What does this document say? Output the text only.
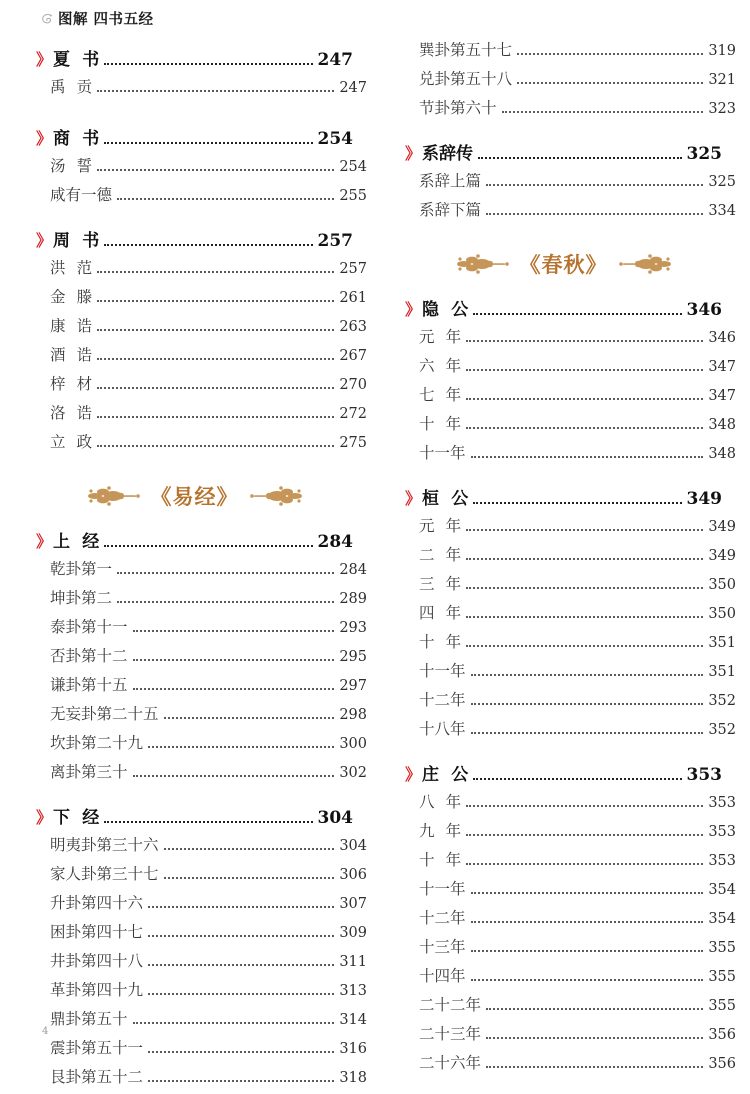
图解 四书五经
》 夏 书	247
禹 贡	247
》 商 书	254
汤 誓	254
咸有一德	255
》 周 书	257
洪 范	257
金 滕	261
康 诰	263
酒 诰	267
梓 材	270
洛 诰	272
立 政	275
《易经》
》 上 经	284
乾卦第一	284
坤卦第二	289
泰卦第十一	293
否卦第十二	295
谦卦第十五	297
无妄卦第二十五	298
坎卦第二十九	300
离卦第三十	302
》 下 经	304
明夷卦第三十六	304
家人卦第三十七	306
升卦第四十六	307
困卦第四十七	309
井卦第四十八	311
革卦第四十九	313
鼎卦第五十	314
震卦第五十一	316
艮卦第五十二	318
巽卦第五十七	319
兑卦第五十八	321
节卦第六十	323
》 系辞传	325
系辞上篇	325
系辞下篇	334
《春秋》
》 隐 公	346
元 年	346
六 年	347
七 年	347
十 年	348
十一年	348
》 桓 公	349
元 年	349
二 年	349
三 年	350
四 年	350
十 年	351
十一年	351
十二年	352
十八年	352
》 庄 公	353
八 年	353
九 年	353
十 年	353
十一年	354
十二年	354
十三年	355
十四年	355
二十二年	355
二十三年	356
二十六年	356
4
